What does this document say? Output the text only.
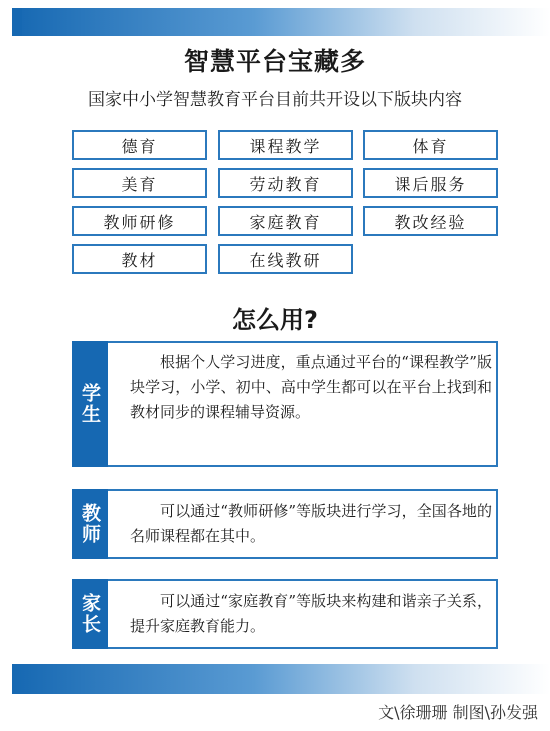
智慧平台宝藏多
国家中小学智慧教育平台目前共开设以下版块内容
德育	课程教学	体育
美育	劳动教育	课后服务
教师研修	家庭教育	教改经验
教材	在线教研
怎么用?
学生
根据个人学习进度，重点通过平台的“课程教学”版块学习，小学、初中、高中学生都可以在平台上找到和教材同步的课程辅导资源。
教师	可以通过“教师研修”等版块进行学习，全国各地的名师课程都在其中。
家长	可以通过“家庭教育”等版块来构建和谐亲子关系，提升家庭教育能力。
文\徐珊珊 制图\孙发强
